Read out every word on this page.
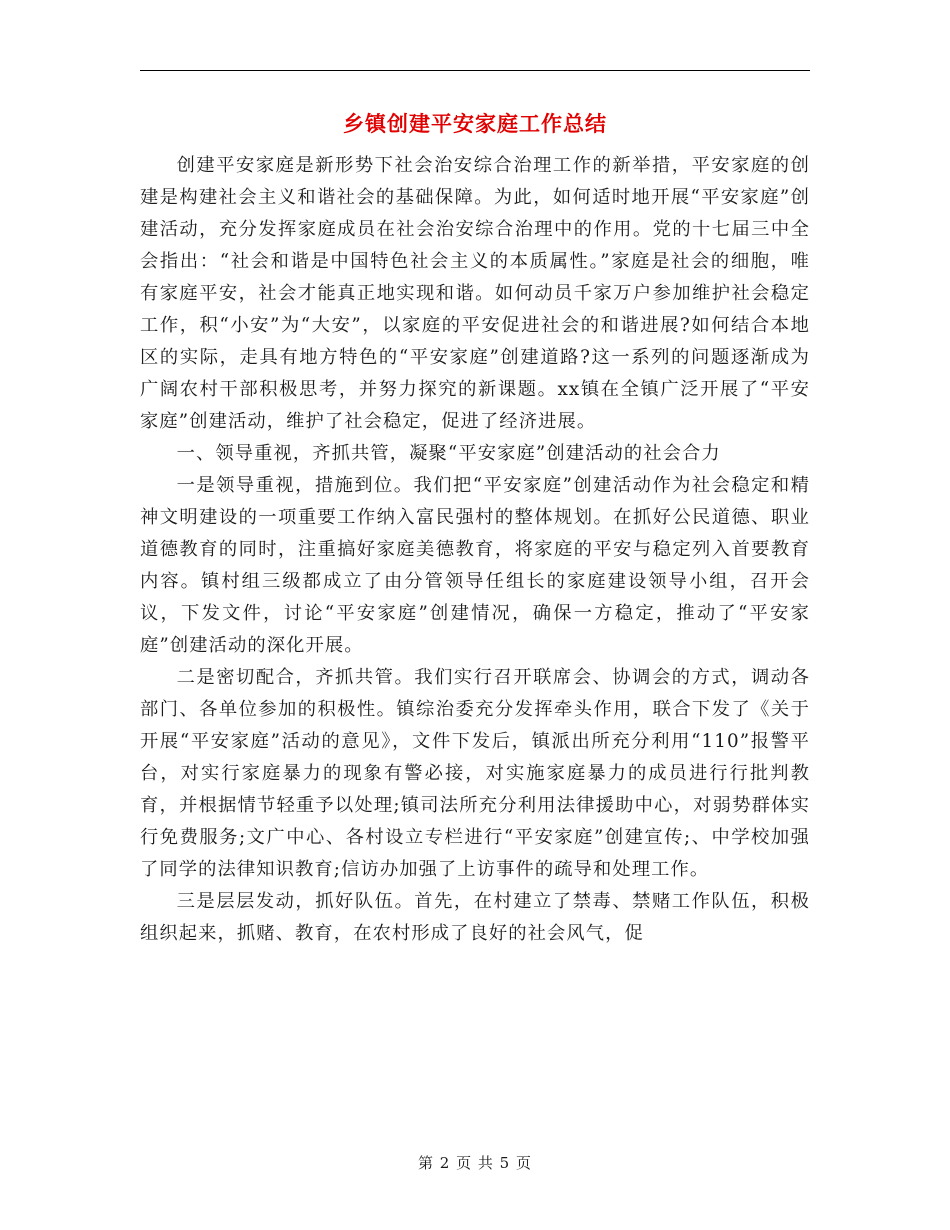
乡镇创建平安家庭工作总结

创建平安家庭是新形势下社会治安综合治理工作的新举措，平安家庭的创建是构建社会主义和谐社会的基础保障。为此，如何适时地开展“平安家庭”创建活动，充分发挥家庭成员在社会治安综合治理中的作用。党的十七届三中全会指出：“社会和谐是中国特色社会主义的本质属性。”家庭是社会的细胞，唯有家庭平安，社会才能真正地实现和谐。如何动员千家万户参加维护社会稳定工作，积“小安”为“大安”，以家庭的平安促进社会的和谐进展?如何结合本地区的实际，走具有地方特色的“平安家庭”创建道路?这一系列的问题逐渐成为广阔农村干部积极思考，并努力探究的新课题。xx镇在全镇广泛开展了“平安家庭”创建活动，维护了社会稳定，促进了经济进展。

一、领导重视，齐抓共管，凝聚“平安家庭”创建活动的社会合力

一是领导重视，措施到位。我们把“平安家庭”创建活动作为社会稳定和精神文明建设的一项重要工作纳入富民强村的整体规划。在抓好公民道德、职业道德教育的同时，注重搞好家庭美德教育，将家庭的平安与稳定列入首要教育内容。镇村组三级都成立了由分管领导任组长的家庭建设领导小组，召开会议，下发文件，讨论“平安家庭”创建情况，确保一方稳定，推动了“平安家庭”创建活动的深化开展。

二是密切配合，齐抓共管。我们实行召开联席会、协调会的方式，调动各部门、各单位参加的积极性。镇综治委充分发挥牵头作用，联合下发了《关于开展“平安家庭”活动的意见》，文件下发后，镇派出所充分利用“110”报警平台，对实行家庭暴力的现象有警必接，对实施家庭暴力的成员进行行批判教育，并根据情节轻重予以处理;镇司法所充分利用法律援助中心，对弱势群体实行免费服务;文广中心、各村设立专栏进行“平安家庭”创建宣传;、中学校加强了同学的法律知识教育;信访办加强了上访事件的疏导和处理工作。

三是层层发动，抓好队伍。首先，在村建立了禁毒、禁赌工作队伍，积极组织起来，抓赌、教育，在农村形成了良好的社会风气，促

第 2 页 共 5 页
